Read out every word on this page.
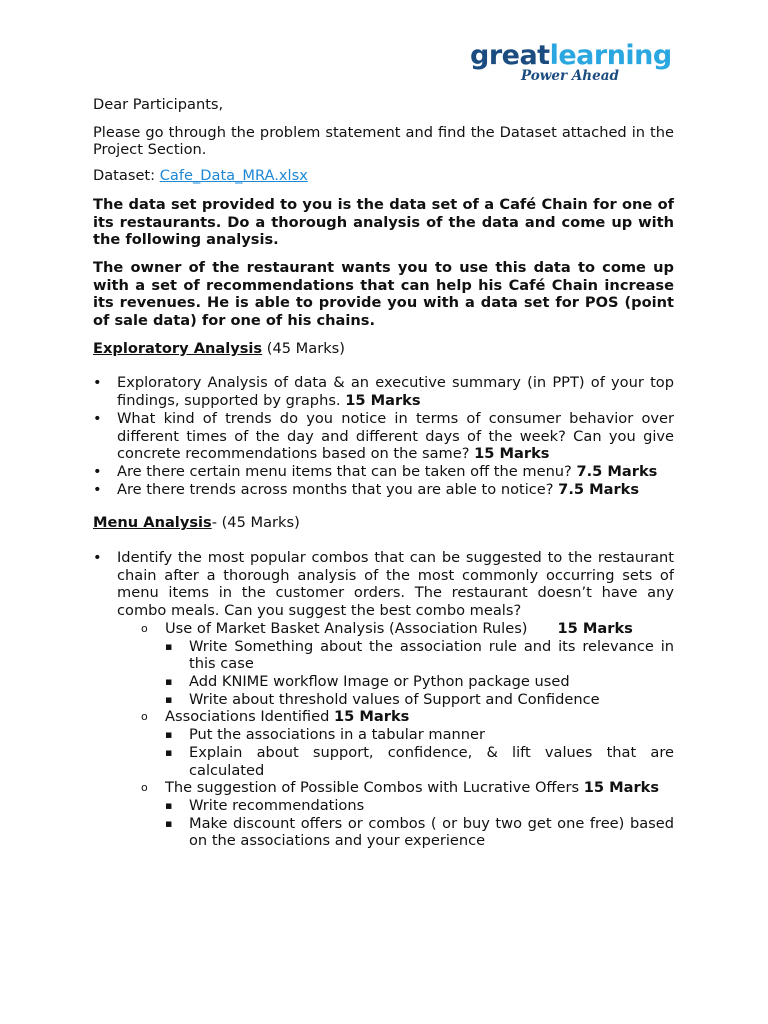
greatlearning
Power Ahead

Dear Participants,

Please go through the problem statement and find the Dataset attached in the Project Section.

Dataset: Cafe_Data_MRA.xlsx

The data set provided to you is the data set of a Café Chain for one of its restaurants. Do a thorough analysis of the data and come up with the following analysis.

The owner of the restaurant wants you to use this data to come up with a set of recommendations that can help his Café Chain increase its revenues. He is able to provide you with a data set for POS (point of sale data) for one of his chains.

Exploratory Analysis (45 Marks)

• Exploratory Analysis of data & an executive summary (in PPT) of your top findings, supported by graphs. 15 Marks
• What kind of trends do you notice in terms of consumer behavior over different times of the day and different days of the week? Can you give concrete recommendations based on the same? 15 Marks
• Are there certain menu items that can be taken off the menu? 7.5 Marks
• Are there trends across months that you are able to notice? 7.5 Marks

Menu Analysis- (45 Marks)

• Identify the most popular combos that can be suggested to the restaurant chain after a thorough analysis of the most commonly occurring sets of menu items in the customer orders. The restaurant doesn’t have any combo meals. Can you suggest the best combo meals?
o Use of Market Basket Analysis (Association Rules) 15 Marks
▪ Write Something about the association rule and its relevance in this case
▪ Add KNIME workflow Image or Python package used
▪ Write about threshold values of Support and Confidence
o Associations Identified 15 Marks
▪ Put the associations in a tabular manner
▪ Explain about support, confidence, & lift values that are calculated
o The suggestion of Possible Combos with Lucrative Offers 15 Marks
▪ Write recommendations
▪ Make discount offers or combos ( or buy two get one free) based on the associations and your experience
